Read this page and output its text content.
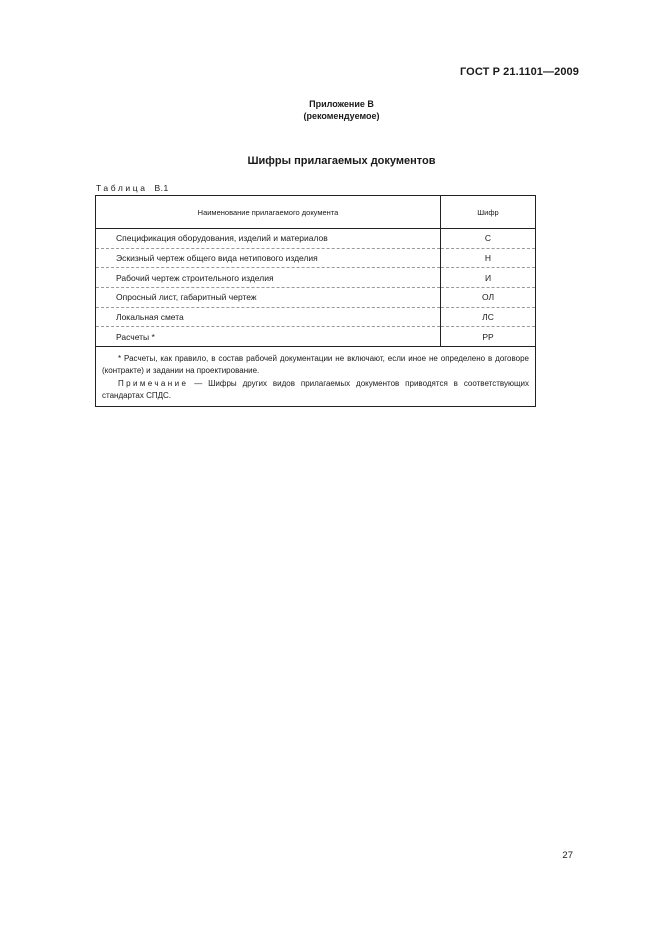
ГОСТ Р 21.1101—2009
Приложение В
(рекомендуемое)
Шифры прилагаемых документов
Таблица В.1
Наименование прилагаемого документа	Шифр
Спецификация оборудования, изделий и материалов	С
Эскизный чертеж общего вида нетипового изделия	Н
Рабочий чертеж строительного изделия	И
Опросный лист, габаритный чертеж	ОЛ
Локальная смета	ЛС
Расчеты *	РР

* Расчеты, как правило, в состав рабочей документации не включают, если иное не определено в договоре (контракте) и задании на проектирование.

Примечание — Шифры других видов прилагаемых документов приводятся в соответствующих стандартах СПДС.	

27
